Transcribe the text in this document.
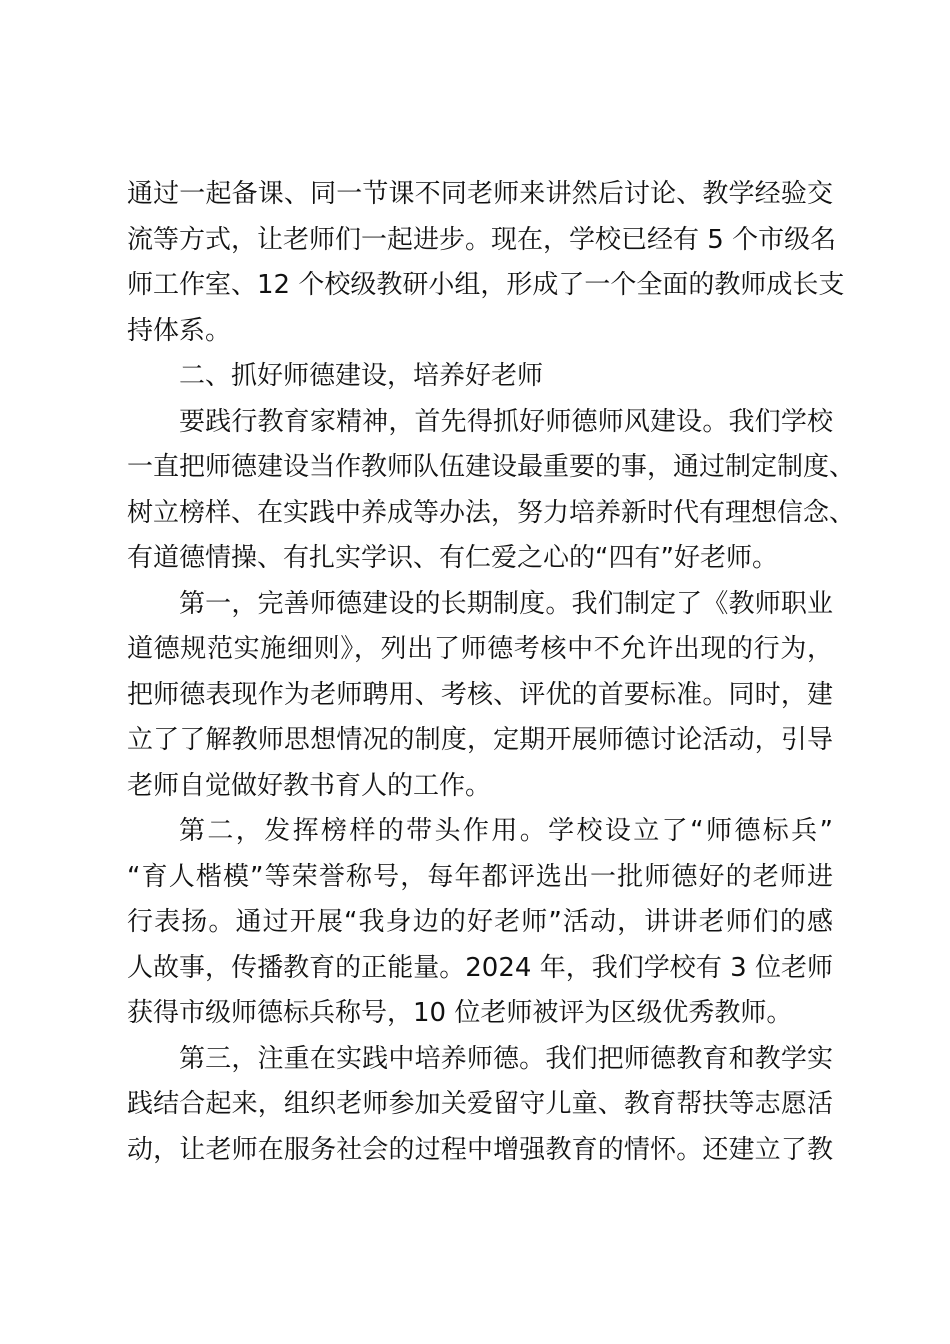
通过一起备课、同一节课不同老师来讲然后讨论、教学经验交
流等方式，让老师们一起进步。现在，学校已经有 5 个市级名
师工作室、12 个校级教研小组，形成了一个全面的教师成长支
持体系。
二、抓好师德建设，培养好老师
要践行教育家精神，首先得抓好师德师风建设。我们学校
一直把师德建设当作教师队伍建设最重要的事，通过制定制度、
树立榜样、在实践中养成等办法，努力培养新时代有理想信念、
有道德情操、有扎实学识、有仁爱之心的“四有”好老师。
第一，完善师德建设的长期制度。我们制定了《教师职业
道德规范实施细则》，列出了师德考核中不允许出现的行为，
把师德表现作为老师聘用、考核、评优的首要标准。同时，建
立了了解教师思想情况的制度，定期开展师德讨论活动，引导
老师自觉做好教书育人的工作。
第二，发挥榜样的带头作用。学校设立了“师德标兵”
“育人楷模”等荣誉称号，每年都评选出一批师德好的老师进
行表扬。通过开展“我身边的好老师”活动，讲讲老师们的感
人故事，传播教育的正能量。2024 年，我们学校有 3 位老师
获得市级师德标兵称号，10 位老师被评为区级优秀教师。
第三，注重在实践中培养师德。我们把师德教育和教学实
践结合起来，组织老师参加关爱留守儿童、教育帮扶等志愿活
动，让老师在服务社会的过程中增强教育的情怀。还建立了教
